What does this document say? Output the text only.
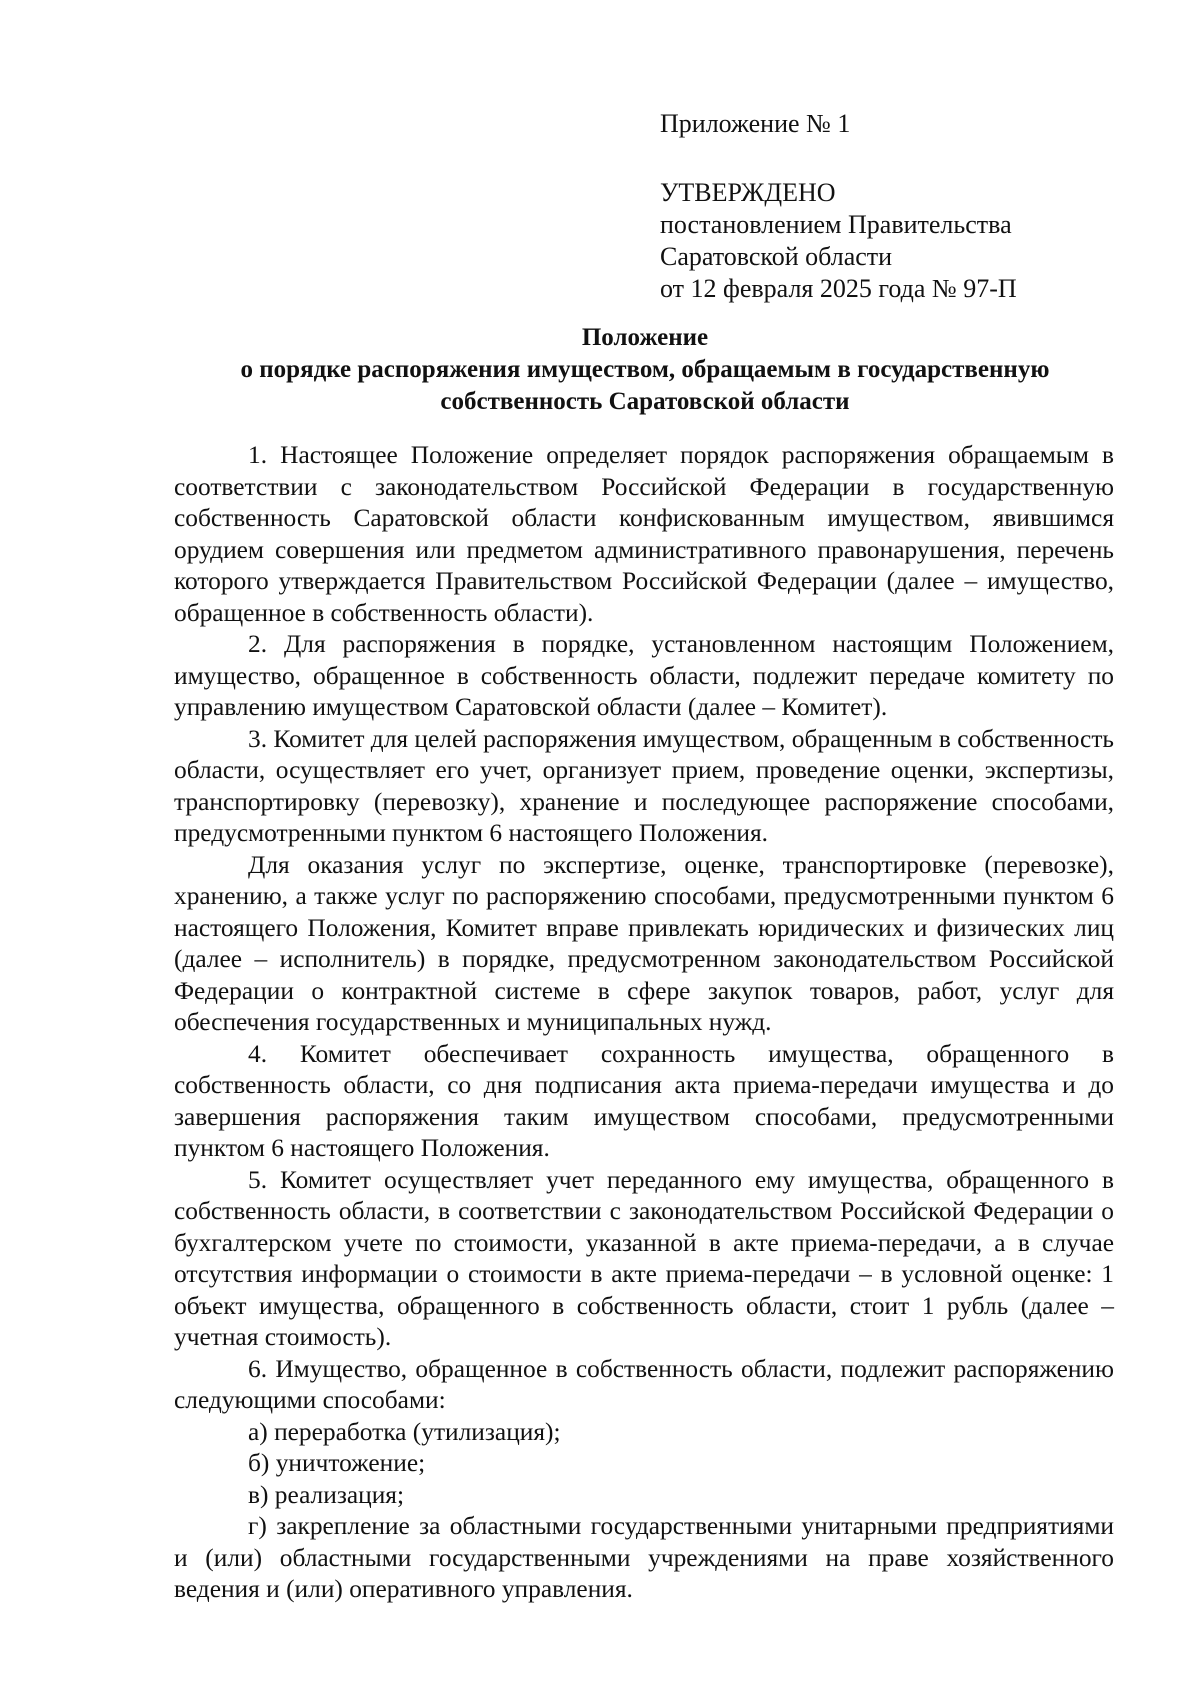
Приложение № 1
УТВЕРЖДЕНО
постановлением Правительства
Саратовской области
от 12 февраля 2025 года № 97-П
Положение
о порядке распоряжения имуществом, обращаемым в государственную
собственность Саратовской области

1. Настоящее Положение определяет порядок распоряжения обращаемым в соответствии с законодательством Российской Федерации в государственную собственность Саратовской области конфискованным имуществом, явившимся орудием совершения или предметом административного правонарушения, перечень которого утверждается Правительством Российской Федерации (далее – имущество, обращенное в собственность области).

2. Для распоряжения в порядке, установленном настоящим Положением, имущество, обращенное в собственность области, подлежит передаче комитету по управлению имуществом Саратовской области (далее – Комитет).

3. Комитет для целей распоряжения имуществом, обращенным в собственность области, осуществляет его учет, организует прием, проведение оценки, экспертизы, транспортировку (перевозку), хранение и последующее распоряжение способами, предусмотренными пунктом 6 настоящего Положения.

Для оказания услуг по экспертизе, оценке, транспортировке (перевозке), хранению, а также услуг по распоряжению способами, предусмотренными пунктом 6 настоящего Положения, Комитет вправе привлекать юридических и физических лиц (далее – исполнитель) в порядке, предусмотренном законодательством Российской Федерации о контрактной системе в сфере закупок товаров, работ, услуг для обеспечения государственных и муниципальных нужд.

4. Комитет обеспечивает сохранность имущества, обращенного в собственность области, со дня подписания акта приема-передачи имущества и до завершения распоряжения таким имуществом способами, предусмотренными пунктом 6 настоящего Положения.

5. Комитет осуществляет учет переданного ему имущества, обращенного в собственность области, в соответствии с законодательством Российской Федерации о бухгалтерском учете по стоимости, указанной в акте приема-передачи, а в случае отсутствия информации о стоимости в акте приема-передачи – в условной оценке: 1 объект имущества, обращенного в собственность области, стоит 1 рубль (далее – учетная стоимость).

6. Имущество, обращенное в собственность области, подлежит распоряжению следующими способами:

а) переработка (утилизация);

б) уничтожение;

в) реализация;

г) закрепление за областными государственными унитарными предприятиями и (или) областными государственными учреждениями на праве хозяйственного ведения и (или) оперативного управления.
